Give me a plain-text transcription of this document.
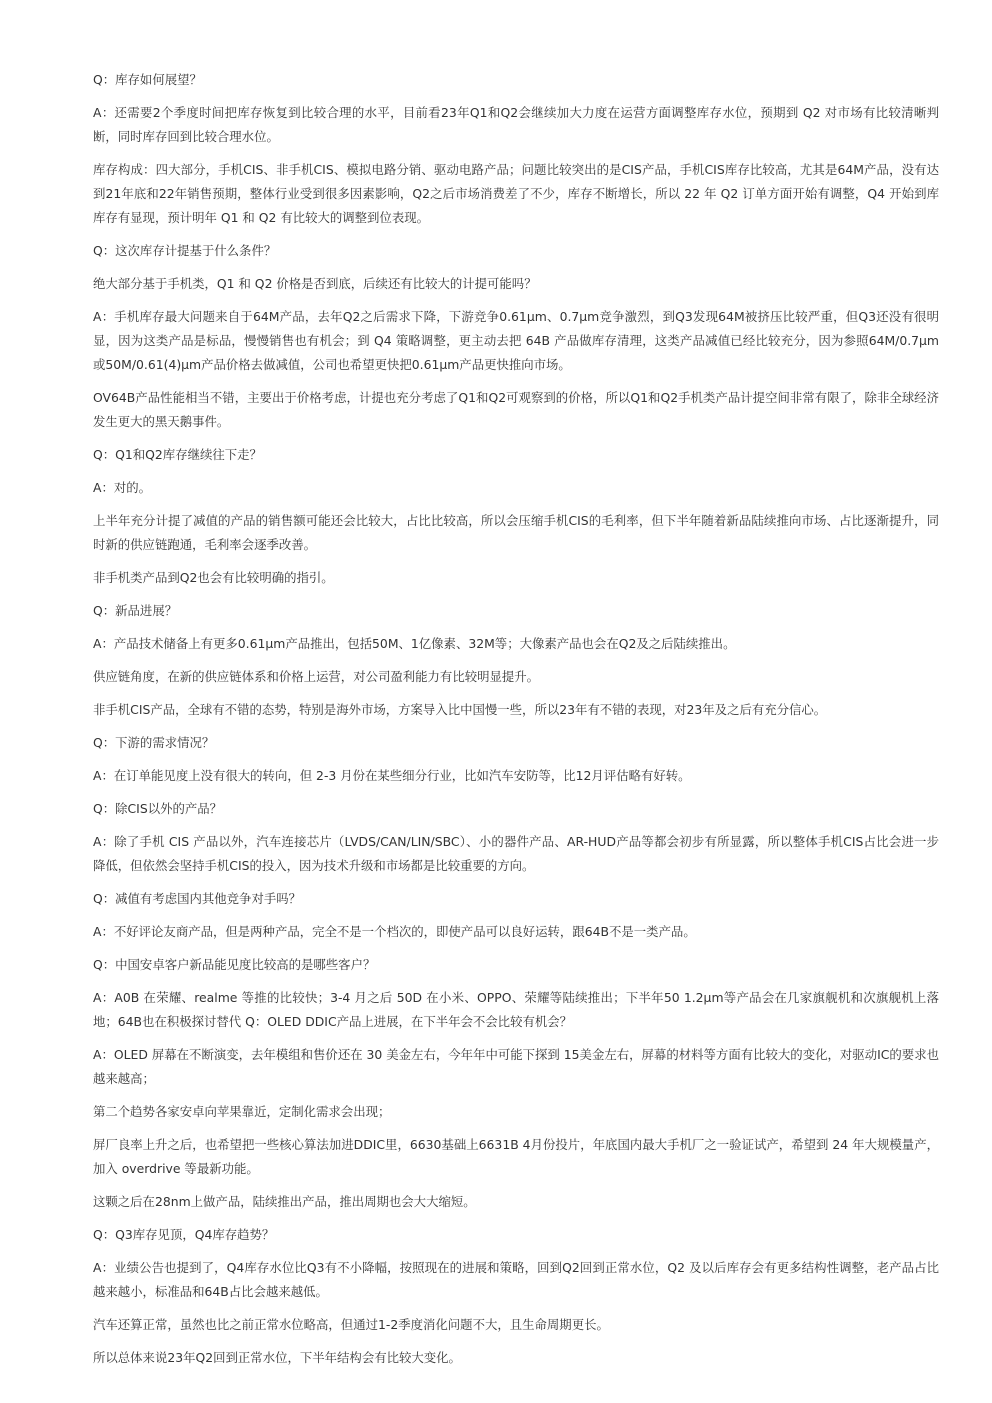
Q：库存如何展望？

A：还需要2个季度时间把库存恢复到比较合理的水平，目前看23年Q1和Q2会继续加大力度在运营方面调整库存水位，预期到 Q2 对市场有比较清晰判断，同时库存回到比较合理水位。

库存构成：四大部分，手机CIS、非手机CIS、模拟电路分销、驱动电路产品；问题比较突出的是CIS产品，手机CIS库存比较高，尤其是64M产品，没有达到21年底和22年销售预期，整体行业受到很多因素影响，Q2之后市场消费差了不少，库存不断增长，所以 22 年 Q2 订单方面开始有调整，Q4 开始到库库存有显现，预计明年 Q1 和 Q2 有比较大的调整到位表现。

Q：这次库存计提基于什么条件？

绝大部分基于手机类，Q1 和 Q2 价格是否到底，后续还有比较大的计提可能吗？

A：手机库存最大问题来自于64M产品，去年Q2之后需求下降，下游竞争0.61μm、0.7μm竞争激烈，到Q3发现64M被挤压比较严重，但Q3还没有很明显，因为这类产品是标品，慢慢销售也有机会；到 Q4 策略调整，更主动去把 64B 产品做库存清理，这类产品减值已经比较充分，因为参照64M/0.7μm或50M/0.61(4)μm产品价格去做减值，公司也希望更快把0.61μm产品更快推向市场。

OV64B产品性能相当不错，主要出于价格考虑，计提也充分考虑了Q1和Q2可观察到的价格，所以Q1和Q2手机类产品计提空间非常有限了，除非全球经济发生更大的黑天鹅事件。

Q：Q1和Q2库存继续往下走？

A：对的。

上半年充分计提了减值的产品的销售额可能还会比较大，占比比较高，所以会压缩手机CIS的毛利率，但下半年随着新品陆续推向市场、占比逐渐提升，同时新的供应链跑通，毛利率会逐季改善。

非手机类产品到Q2也会有比较明确的指引。

Q：新品进展？

A：产品技术储备上有更多0.61μm产品推出，包括50M、1亿像素、32M等；大像素产品也会在Q2及之后陆续推出。

供应链角度，在新的供应链体系和价格上运营，对公司盈利能力有比较明显提升。

非手机CIS产品，全球有不错的态势，特别是海外市场，方案导入比中国慢一些，所以23年有不错的表现，对23年及之后有充分信心。

Q：下游的需求情况？

A：在订单能见度上没有很大的转向，但 2-3 月份在某些细分行业，比如汽车安防等，比12月评估略有好转。

Q：除CIS以外的产品？

A：除了手机 CIS 产品以外，汽车连接芯片（LVDS/CAN/LIN/SBC）、小的器件产品、AR-HUD产品等都会初步有所显露，所以整体手机CIS占比会进一步降低，但依然会坚持手机CIS的投入，因为技术升级和市场都是比较重要的方向。

Q：减值有考虑国内其他竞争对手吗？

A：不好评论友商产品，但是两种产品，完全不是一个档次的，即使产品可以良好运转，跟64B不是一类产品。

Q：中国安卓客户新品能见度比较高的是哪些客户？

A：A0B 在荣耀、realme 等推的比较快；3-4 月之后 50D 在小米、OPPO、荣耀等陆续推出；下半年50 1.2μm等产品会在几家旗舰机和次旗舰机上落地；64B也在积极探讨替代 Q：OLED DDIC产品上进展，在下半年会不会比较有机会？

A：OLED 屏幕在不断演变，去年模组和售价还在 30 美金左右，今年年中可能下探到 15美金左右，屏幕的材料等方面有比较大的变化，对驱动IC的要求也越来越高；

第二个趋势各家安卓向苹果靠近，定制化需求会出现；

屏厂良率上升之后，也希望把一些核心算法加进DDIC里，6630基础上6631B 4月份投片，年底国内最大手机厂之一验证试产，希望到 24 年大规模量产，加入 overdrive 等最新功能。

这颗之后在28nm上做产品，陆续推出产品，推出周期也会大大缩短。

Q：Q3库存见顶，Q4库存趋势？

A：业绩公告也提到了，Q4库存水位比Q3有不小降幅，按照现在的进展和策略，回到Q2回到正常水位，Q2 及以后库存会有更多结构性调整，老产品占比越来越小，标准品和64B占比会越来越低。

汽车还算正常，虽然也比之前正常水位略高，但通过1-2季度消化问题不大，且生命周期更长。

所以总体来说23年Q2回到正常水位，下半年结构会有比较大变化。
